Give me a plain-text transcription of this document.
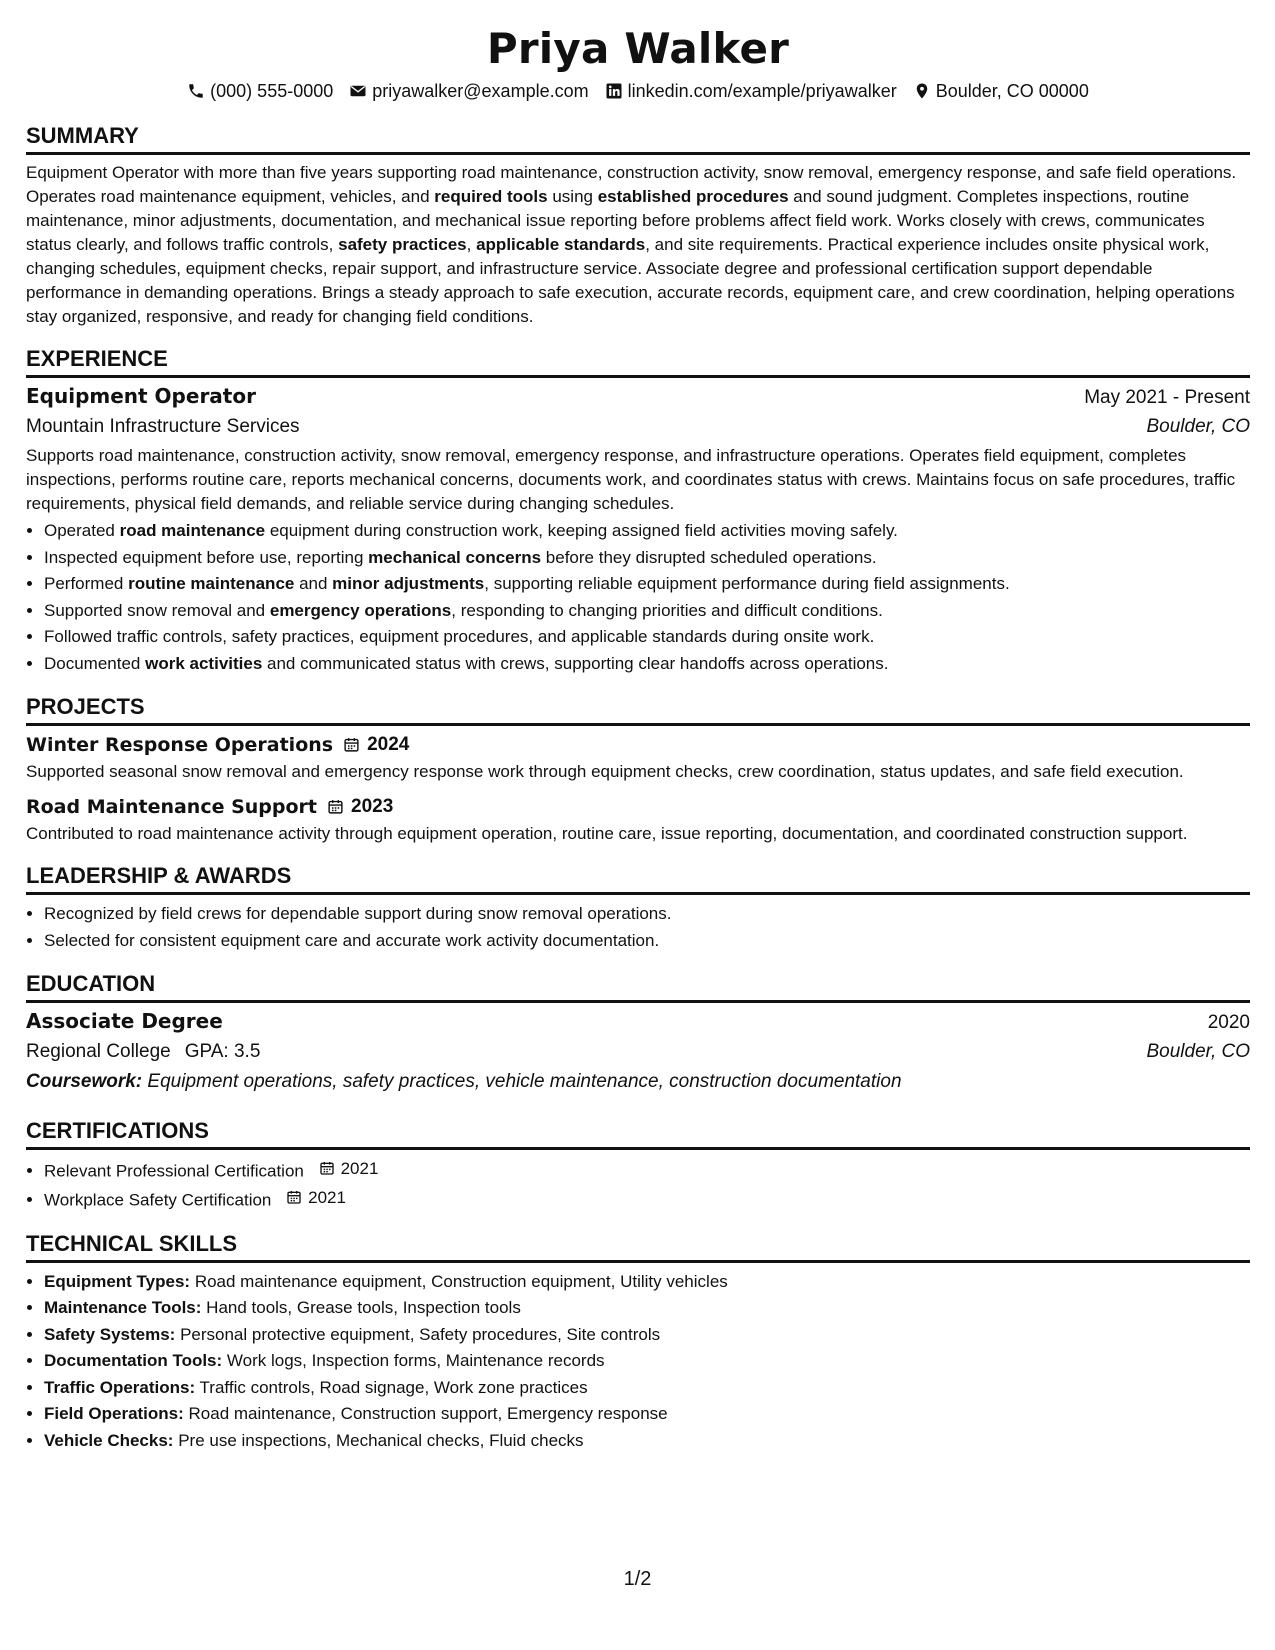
Priya Walker
(000) 555-0000 priyawalker@example.com linkedin.com/example/priyawalker Boulder, CO 00000
SUMMARY

Equipment Operator with more than five years supporting road maintenance, construction activity, snow removal, emergency response, and safe field operations. Operates road maintenance equipment, vehicles, and required tools using established procedures and sound judgment. Completes inspections, routine maintenance, minor adjustments, documentation, and mechanical issue reporting before problems affect field work. Works closely with crews, communicates status clearly, and follows traffic controls, safety practices, applicable standards, and site requirements. Practical experience includes onsite physical work, changing schedules, equipment checks, repair support, and infrastructure service. Associate degree and professional certification support dependable performance in demanding operations. Brings a steady approach to safe execution, accurate records, equipment care, and crew coordination, helping operations stay organized, responsive, and ready for changing field conditions.

EXPERIENCE
Equipment Operator	May 2021 - Present
Mountain Infrastructure Services	Boulder, CO

Supports road maintenance, construction activity, snow removal, emergency response, and infrastructure operations. Operates field equipment, completes inspections, performs routine care, reports mechanical concerns, documents work, and coordinates status with crews. Maintains focus on safe procedures, traffic requirements, physical field demands, and reliable service during changing schedules.

• Operated road maintenance equipment during construction work, keeping assigned field activities moving safely.
• Inspected equipment before use, reporting mechanical concerns before they disrupted scheduled operations.
• Performed routine maintenance and minor adjustments, supporting reliable equipment performance during field assignments.
• Supported snow removal and emergency operations, responding to changing priorities and difficult conditions.
• Followed traffic controls, safety practices, equipment procedures, and applicable standards during onsite work.
• Documented work activities and communicated status with crews, supporting clear handoffs across operations.
PROJECTS
Winter Response Operations 2024

Supported seasonal snow removal and emergency response work through equipment checks, crew coordination, status updates, and safe field execution.

Road Maintenance Support 2023

Contributed to road maintenance activity through equipment operation, routine care, issue reporting, documentation, and coordinated construction support.

LEADERSHIP & AWARDS
• Recognized by field crews for dependable support during snow removal operations.
• Selected for consistent equipment care and accurate work activity documentation.
EDUCATION
Associate Degree	2020
Regional College GPA: 3.5	Boulder, CO
Coursework: Equipment operations, safety practices, vehicle maintenance, construction documentation
CERTIFICATIONS
• Relevant Professional Certification 2021
• Workplace Safety Certification 2021
TECHNICAL SKILLS
• Equipment Types: Road maintenance equipment, Construction equipment, Utility vehicles
• Maintenance Tools: Hand tools, Grease tools, Inspection tools
• Safety Systems: Personal protective equipment, Safety procedures, Site controls
• Documentation Tools: Work logs, Inspection forms, Maintenance records
• Traffic Operations: Traffic controls, Road signage, Work zone practices
• Field Operations: Road maintenance, Construction support, Emergency response
• Vehicle Checks: Pre use inspections, Mechanical checks, Fluid checks
1/2
